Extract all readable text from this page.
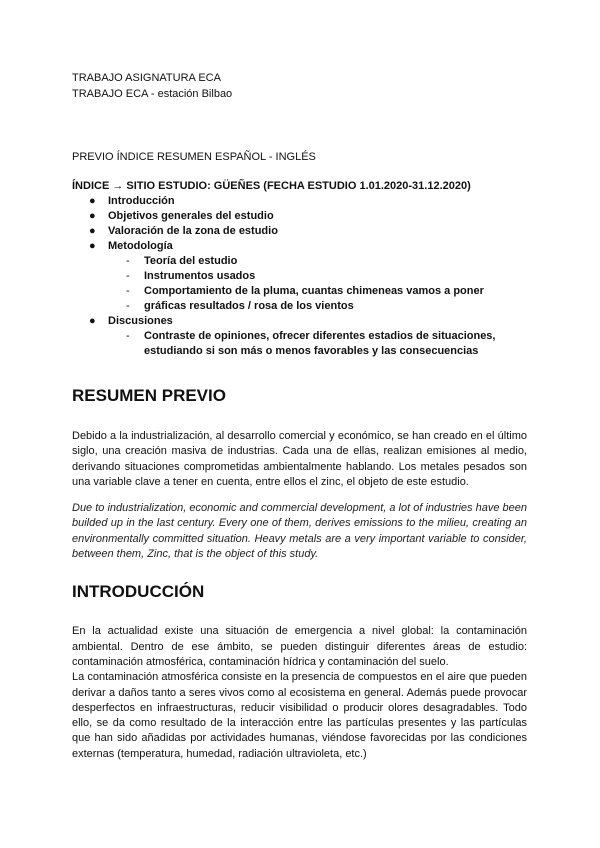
TRABAJO ASIGNATURA ECA

TRABAJO ECA - estación Bilbao

PREVIO ÍNDICE RESUMEN ESPAÑOL - INGLÉS

ÍNDICE → SITIO ESTUDIO: GÜEÑES (FECHA ESTUDIO 1.01.2020-31.12.2020)

● Introducción
● Objetivos generales del estudio
● Valoración de la zona de estudio
● Metodología
- Teoría del estudio
- Instrumentos usados
- Comportamiento de la pluma, cuantas chimeneas vamos a poner
- gráficas resultados / rosa de los vientos
● Discusiones
- Contraste de opiniones, ofrecer diferentes estadios de situaciones, estudiando si son más o menos favorables y las consecuencias
RESUMEN PREVIO

Debido a la industrialización, al desarrollo comercial y económico, se han creado en el último siglo, una creación masiva de industrias. Cada una de ellas, realizan emisiones al medio, derivando situaciones comprometidas ambientalmente hablando. Los metales pesados son una variable clave a tener en cuenta, entre ellos el zinc, el objeto de este estudio.

Due to industrialization, economic and commercial development, a lot of industries have been builded up in the last century. Every one of them, derives emissions to the milieu, creating an environmentally committed situation. Heavy metals are a very important variable to consider, between them, Zinc, that is the object of this study.

INTRODUCCIÓN

En la actualidad existe una situación de emergencia a nivel global: la contaminación ambiental. Dentro de ese ámbito, se pueden distinguir diferentes áreas de estudio: contaminación atmosférica, contaminación hídrica y contaminación del suelo.

La contaminación atmosférica consiste en la presencia de compuestos en el aire que pueden derivar a daños tanto a seres vivos como al ecosistema en general. Además puede provocar desperfectos en infraestructuras, reducir visibilidad o producir olores desagradables. Todo ello, se da como resultado de la interacción entre las partículas presentes y las partículas que han sido añadidas por actividades humanas, viéndose favorecidas por las condiciones externas (temperatura, humedad, radiación ultravioleta, etc.)
